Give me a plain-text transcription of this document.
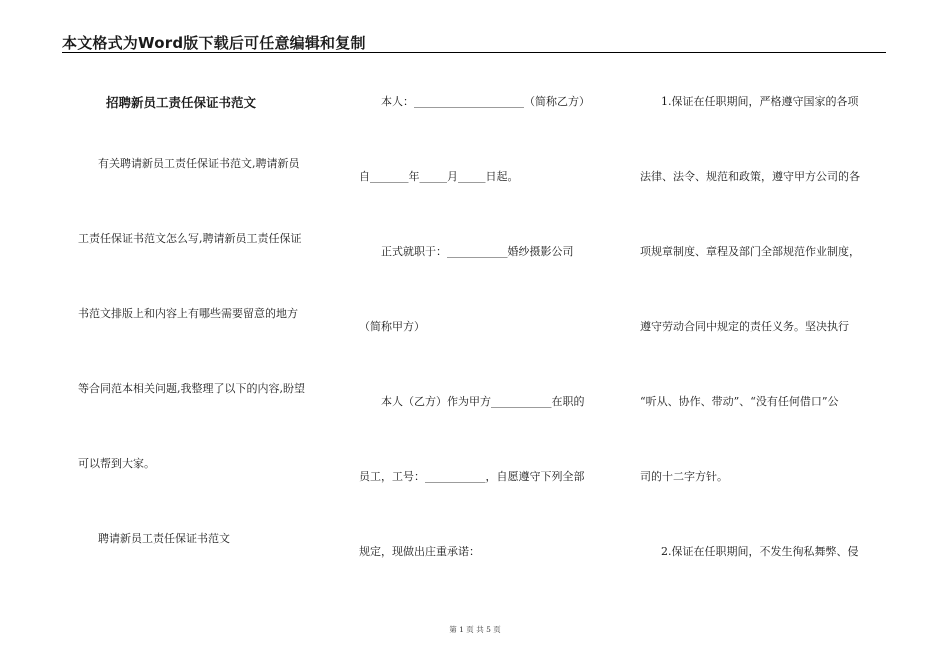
本文格式为Word版下载后可任意编辑和复制
招聘新员工责任保证书范文
有关聘请新员工责任保证书范文,聘请新员
工责任保证书范文怎么写,聘请新员工责任保证
书范文排版上和内容上有哪些需要留意的地方
等合同范本相关问题,我整理了以下的内容,盼望
可以帮到大家。
聘请新员工责任保证书范文
本人：____________________（简称乙方）
自_______年_____月_____日起。
正式就职于：___________婚纱摄影公司
（简称甲方）
本人（乙方）作为甲方___________在职的
员工，工号：___________，自愿遵守下列全部
规定，现做出庄重承诺：
1.保证在任职期间，严格遵守国家的各项
法律、法令、规范和政策，遵守甲方公司的各
项规章制度、章程及部门全部规范作业制度，
遵守劳动合同中规定的责任义务。坚决执行
“听从、协作、带动”、“没有任何借口”公
司的十二字方针。
2.保证在任职期间，不发生徇私舞弊、侵
第 1 页 共 5 页
